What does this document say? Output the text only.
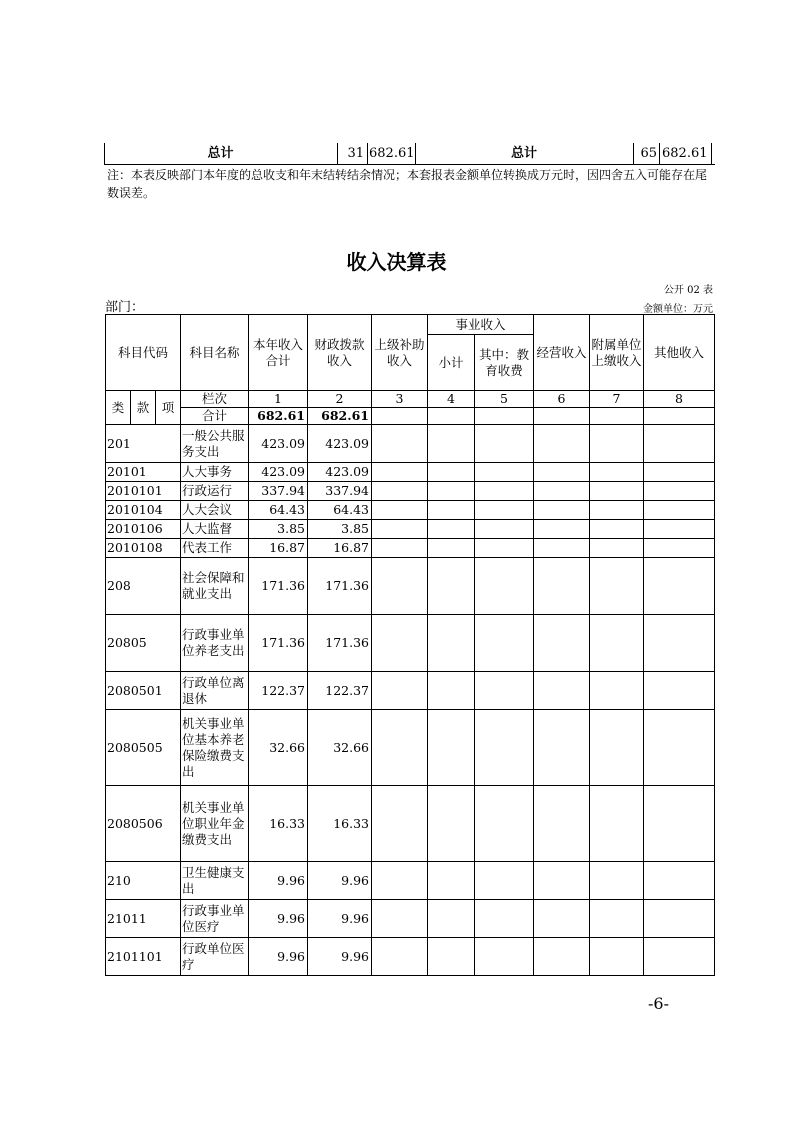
总计	31 682.61	总计	65 682.61
注：本表反映部门本年度的总收支和年末结转结余情况；本套报表金额单位转换成万元时，因四舍五入可能存在尾数误差。
收入决算表
公开 02 表
部门：	金额单位：万元
科目代码			科目名称	本年收入合计	财政拨款收入	上级补助收入	事业收入		经营收入	附属单位上缴收入	其他收入
							小计	其中：教育收费			

类	款	项	栏次	1	2	3	4	5	6	7	8
			合计	682.61	682.61						
201			一般公共服务支出	423.09	423.09						
20101			人大事务	423.09	423.09						
2010101			行政运行	337.94	337.94						
2010104			人大会议	64.43	64.43						
2010106			人大监督	3.85	3.85						
2010108			代表工作	16.87	16.87						
208			社会保障和就业支出	171.36	171.36						
20805			行政事业单位养老支出	171.36	171.36						
2080501			行政单位离退休	122.37	122.37						
2080505			机关事业单位基本养老保险缴费支出	32.66	32.66						
2080506			机关事业单位职业年金缴费支出	16.33	16.33						
210			卫生健康支出	9.96	9.96						
21011			行政事业单位医疗	9.96	9.96						
2101101			行政单位医疗	9.96	9.96						
-6-
